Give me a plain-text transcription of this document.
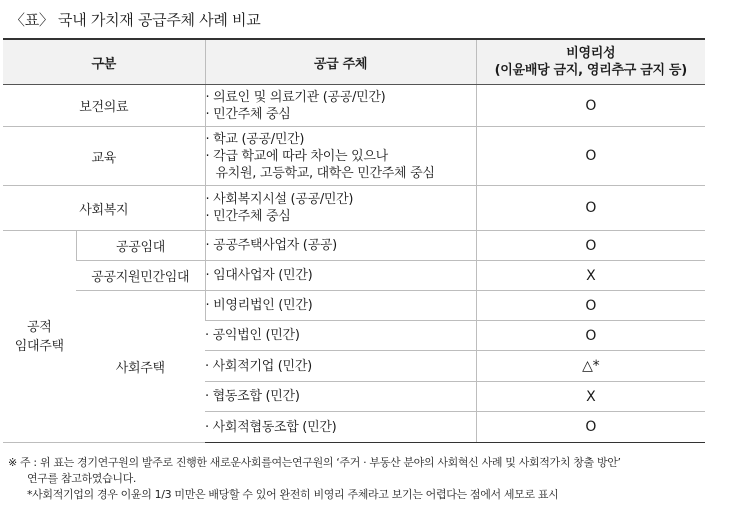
〈표〉 국내 가치재 공급주체 사례 비교
구분		공급 주체	비영리성
(이윤배당 금지, 영리추구 금지 등)

보건의료		· 의료인 및 의료기관 (공공/민간)
· 민간주체 중심	O
교육		· 학교 (공공/민간)
· 각급 학교에 따라 차이는 있으나
유치원, 고등학교, 대학은 민간주체 중심	O
사회복지		· 사회복지시설 (공공/민간)
· 민간주체 중심	O

공적
임대주택	공공임대	· 공공주택사업자 (공공)	O
	공공지원민간임대	· 임대사업자 (민간)	X
	사회주택	· 비영리법인 (민간)	O
		· 공익법인 (민간)	O
		· 사회적기업 (민간)	△*
		· 협동조합 (민간)	X
		· 사회적협동조합 (민간)	O
※ 주 : 위 표는 경기연구원의 발주로 진행한 새로운사회를여는연구원의 ‘주거 · 부동산 분야의 사회혁신 사례 및 사회적가치 창출 방안’
연구를 참고하였습니다.
*사회적기업의 경우 이윤의 1/3 미만은 배당할 수 있어 완전히 비영리 주체라고 보기는 어렵다는 점에서 세모로 표시
